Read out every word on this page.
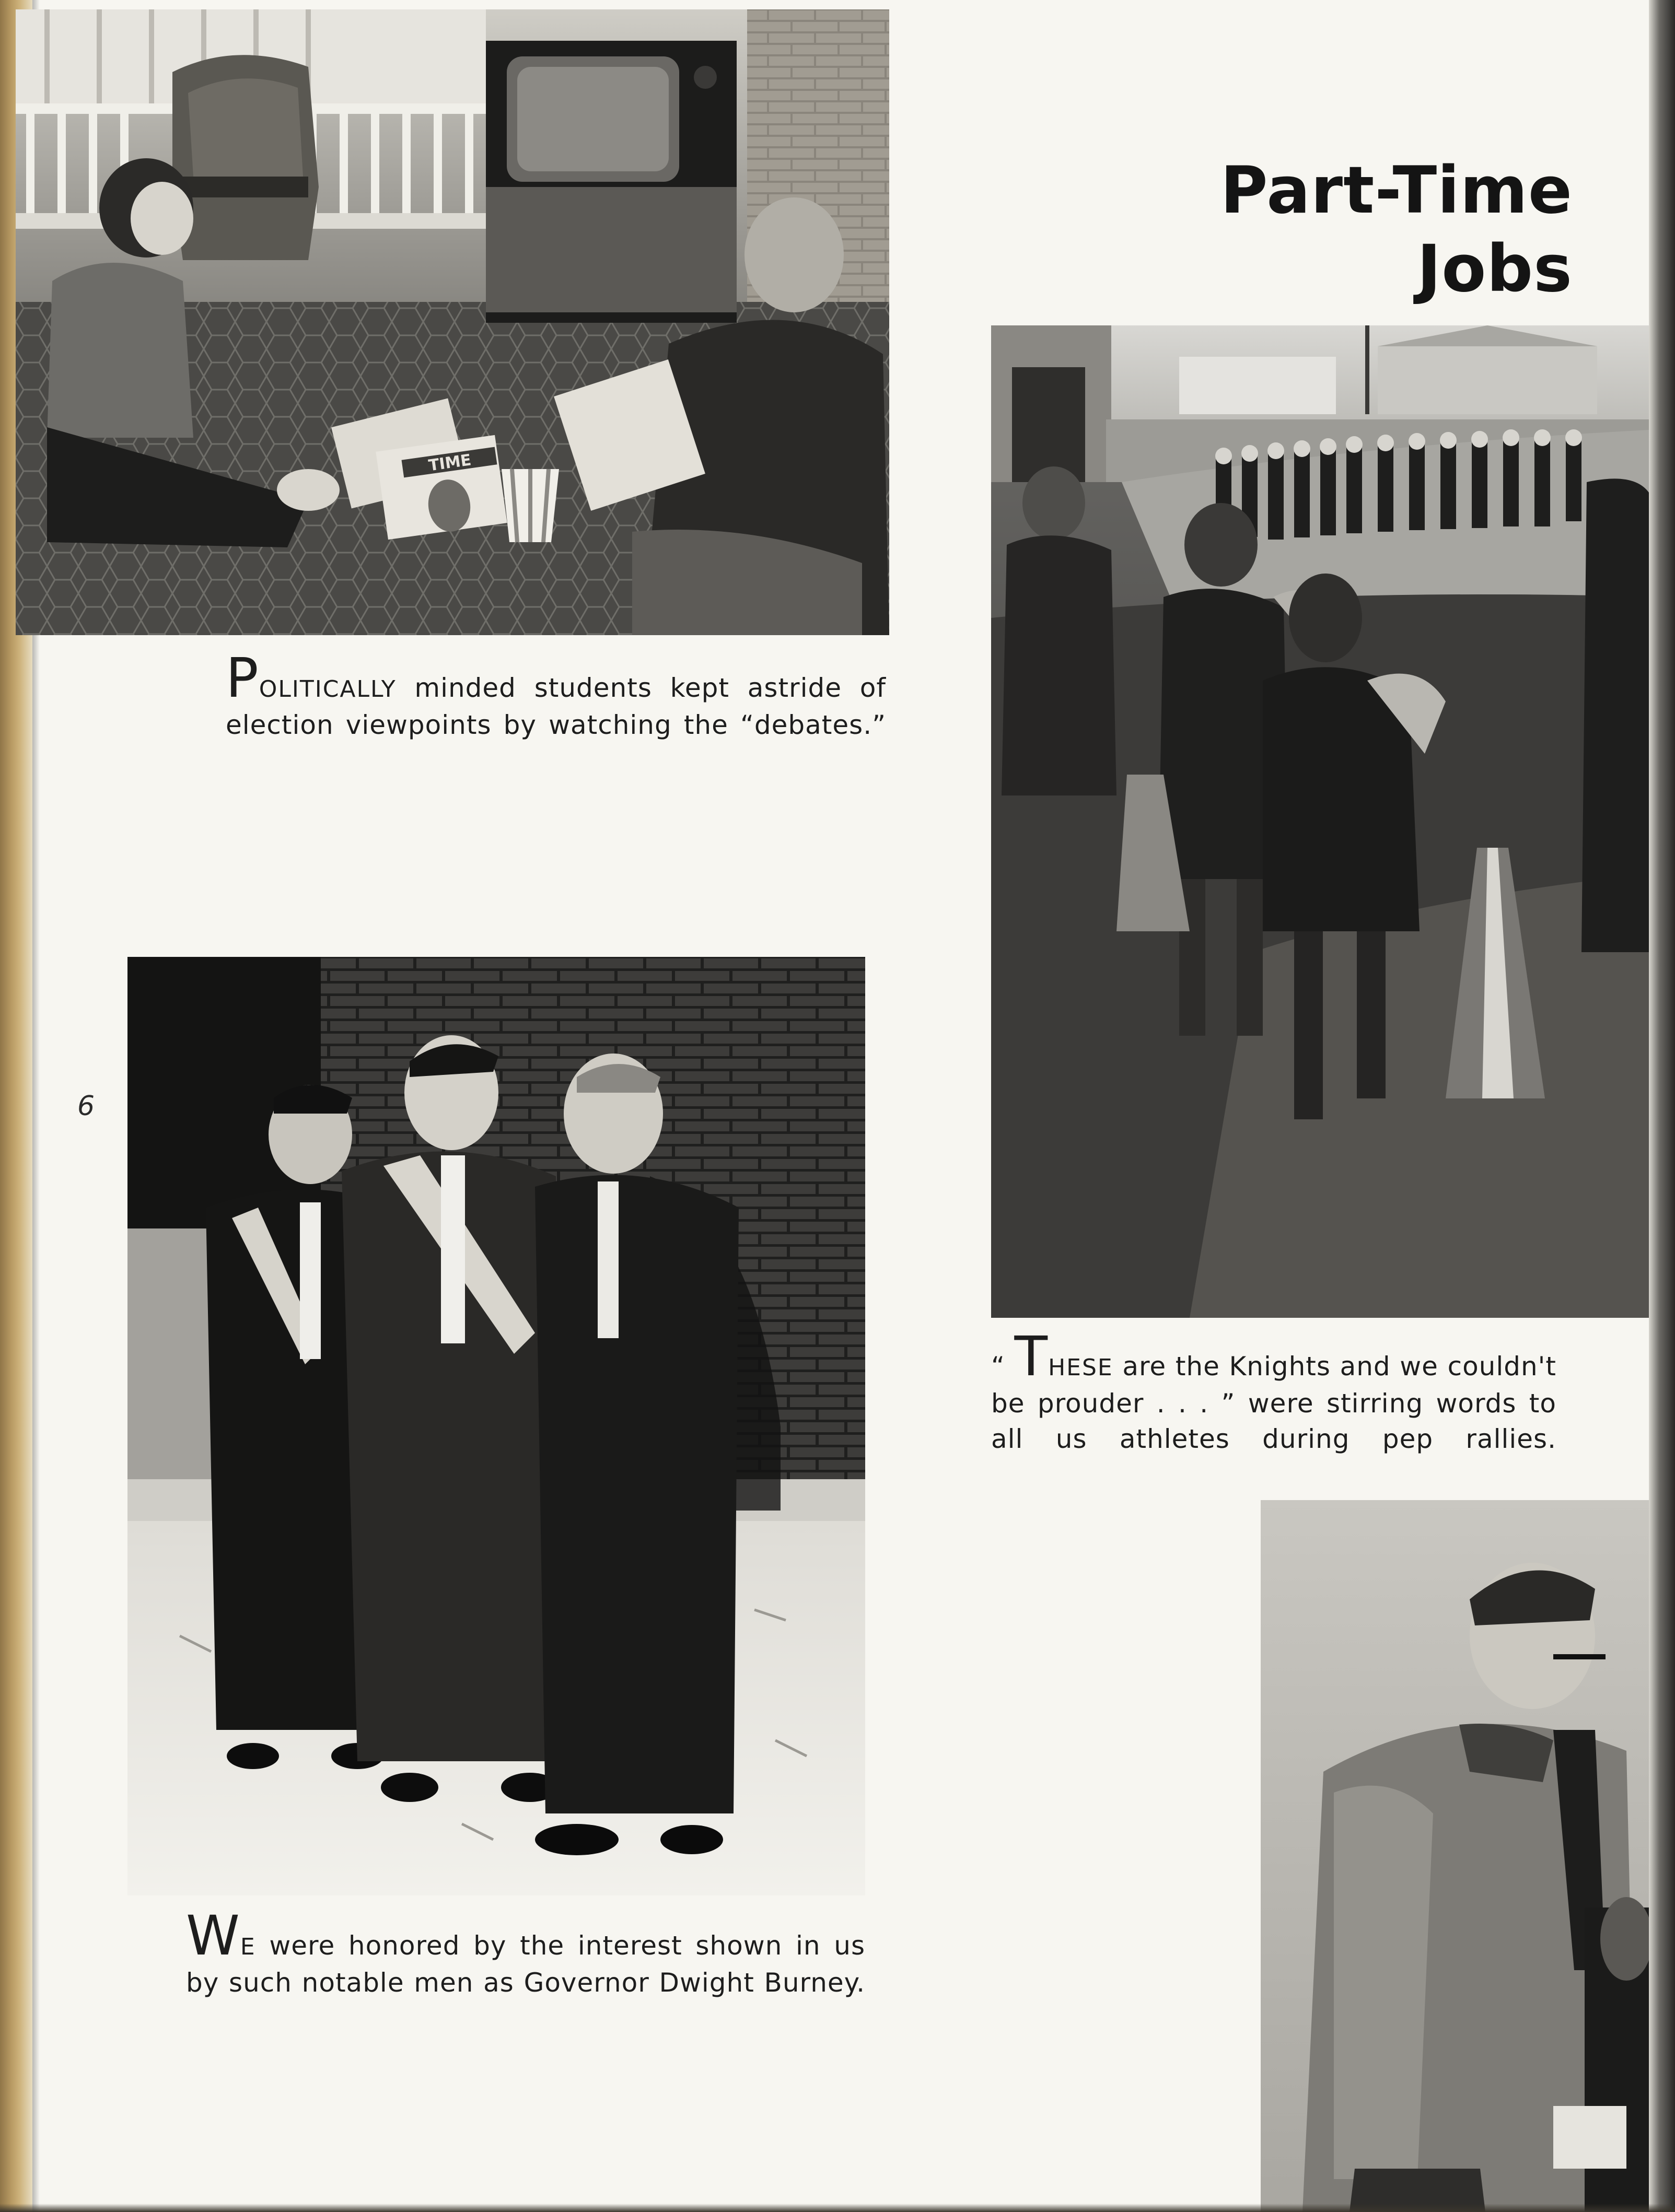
Part-Time Jobs
6
TIME
POLITICALLY minded students kept astride of election viewpoints by watching the “debates.”
“ THESE are the Knights and we couldn't be prouder . . . ” were stirring words to all us athletes during pep rallies.
WE were honored by the interest shown in us by such notable men as Governor Dwight Burney.
